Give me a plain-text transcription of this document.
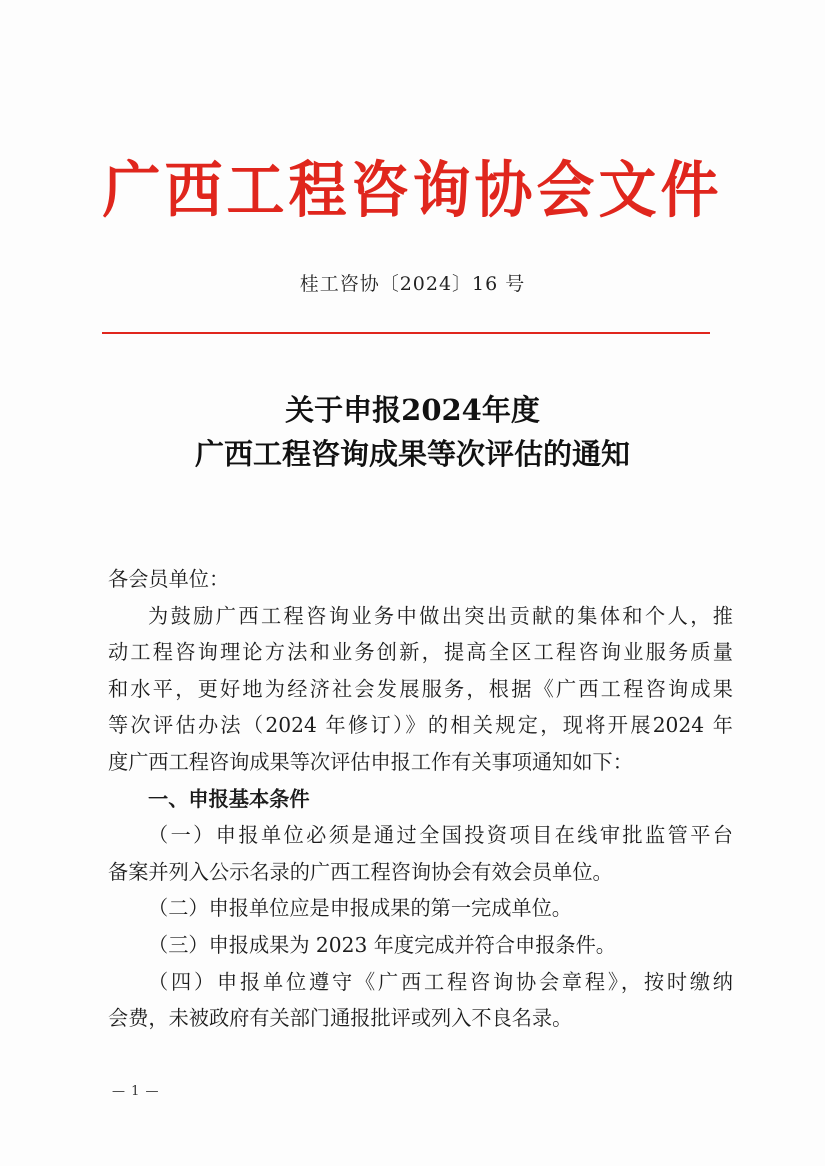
广西工程咨询协会文件
桂工咨协〔2024〕16 号
关于申报2024年度
广西工程咨询成果等次评估的通知
各会员单位：
为鼓励广西工程咨询业务中做出突出贡献的集体和个人，推
动工程咨询理论方法和业务创新，提高全区工程咨询业服务质量
和水平，更好地为经济社会发展服务，根据《广西工程咨询成果
等次评估办法（2024 年修订）》的相关规定，现将开展2024 年
度广西工程咨询成果等次评估申报工作有关事项通知如下：
一、申报基本条件
（一）申报单位必须是通过全国投资项目在线审批监管平台
备案并列入公示名录的广西工程咨询协会有效会员单位。
（二）申报单位应是申报成果的第一完成单位。
（三）申报成果为 2023 年度完成并符合申报条件。
（四）申报单位遵守《广西工程咨询协会章程》，按时缴纳
会费，未被政府有关部门通报批评或列入不良名录。
— 1 —
